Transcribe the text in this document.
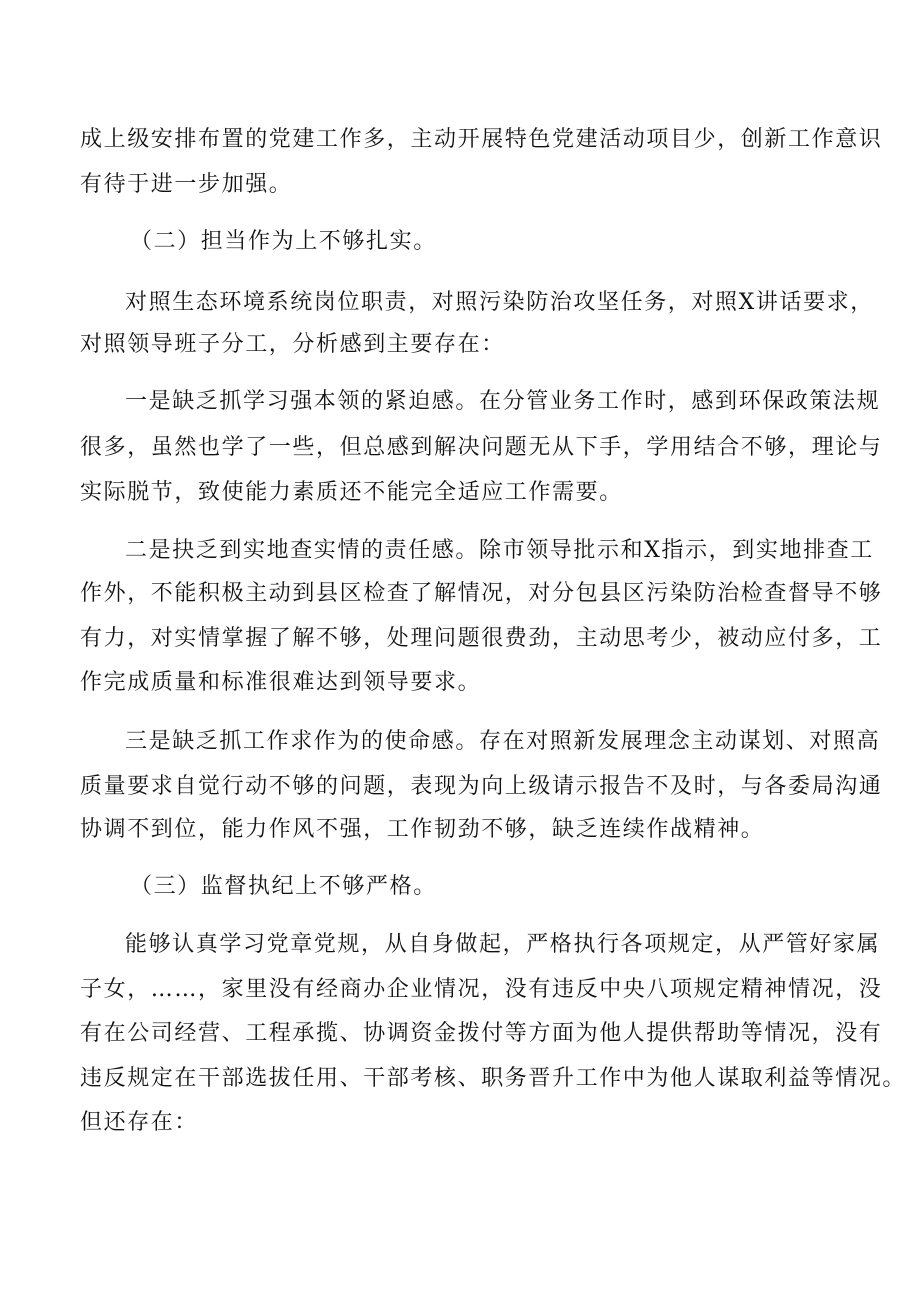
成上级安排布置的党建工作多，主动开展特色党建活动项目少，创新工作意识
有待于进一步加强。
（二）担当作为上不够扎实。
对照生态环境系统岗位职责，对照污染防治攻坚任务，对照X讲话要求，
对照领导班子分工，分析感到主要存在：
一是缺乏抓学习强本领的紧迫感。在分管业务工作时，感到环保政策法规
很多，虽然也学了一些，但总感到解决问题无从下手，学用结合不够，理论与
实际脱节，致使能力素质还不能完全适应工作需要。
二是抉乏到实地查实情的责任感。除市领导批示和X指示，到实地排查工
作外，不能积极主动到县区检查了解情况，对分包县区污染防治检查督导不够
有力，对实情掌握了解不够，处理问题很费劲，主动思考少，被动应付多，工
作完成质量和标准很难达到领导要求。
三是缺乏抓工作求作为的使命感。存在对照新发展理念主动谋划、对照高
质量要求自觉行动不够的问题，表现为向上级请示报告不及时，与各委局沟通
协调不到位，能力作风不强，工作韧劲不够，缺乏连续作战精神。
（三）监督执纪上不够严格。
能够认真学习党章党规，从自身做起，严格执行各项规定，从严管好家属
子女，……，家里没有经商办企业情况，没有违反中央八项规定精神情况，没
有在公司经营、工程承揽、协调资金拨付等方面为他人提供帮助等情况，没有
违反规定在干部选拔任用、干部考核、职务晋升工作中为他人谋取利益等情况。
但还存在：
